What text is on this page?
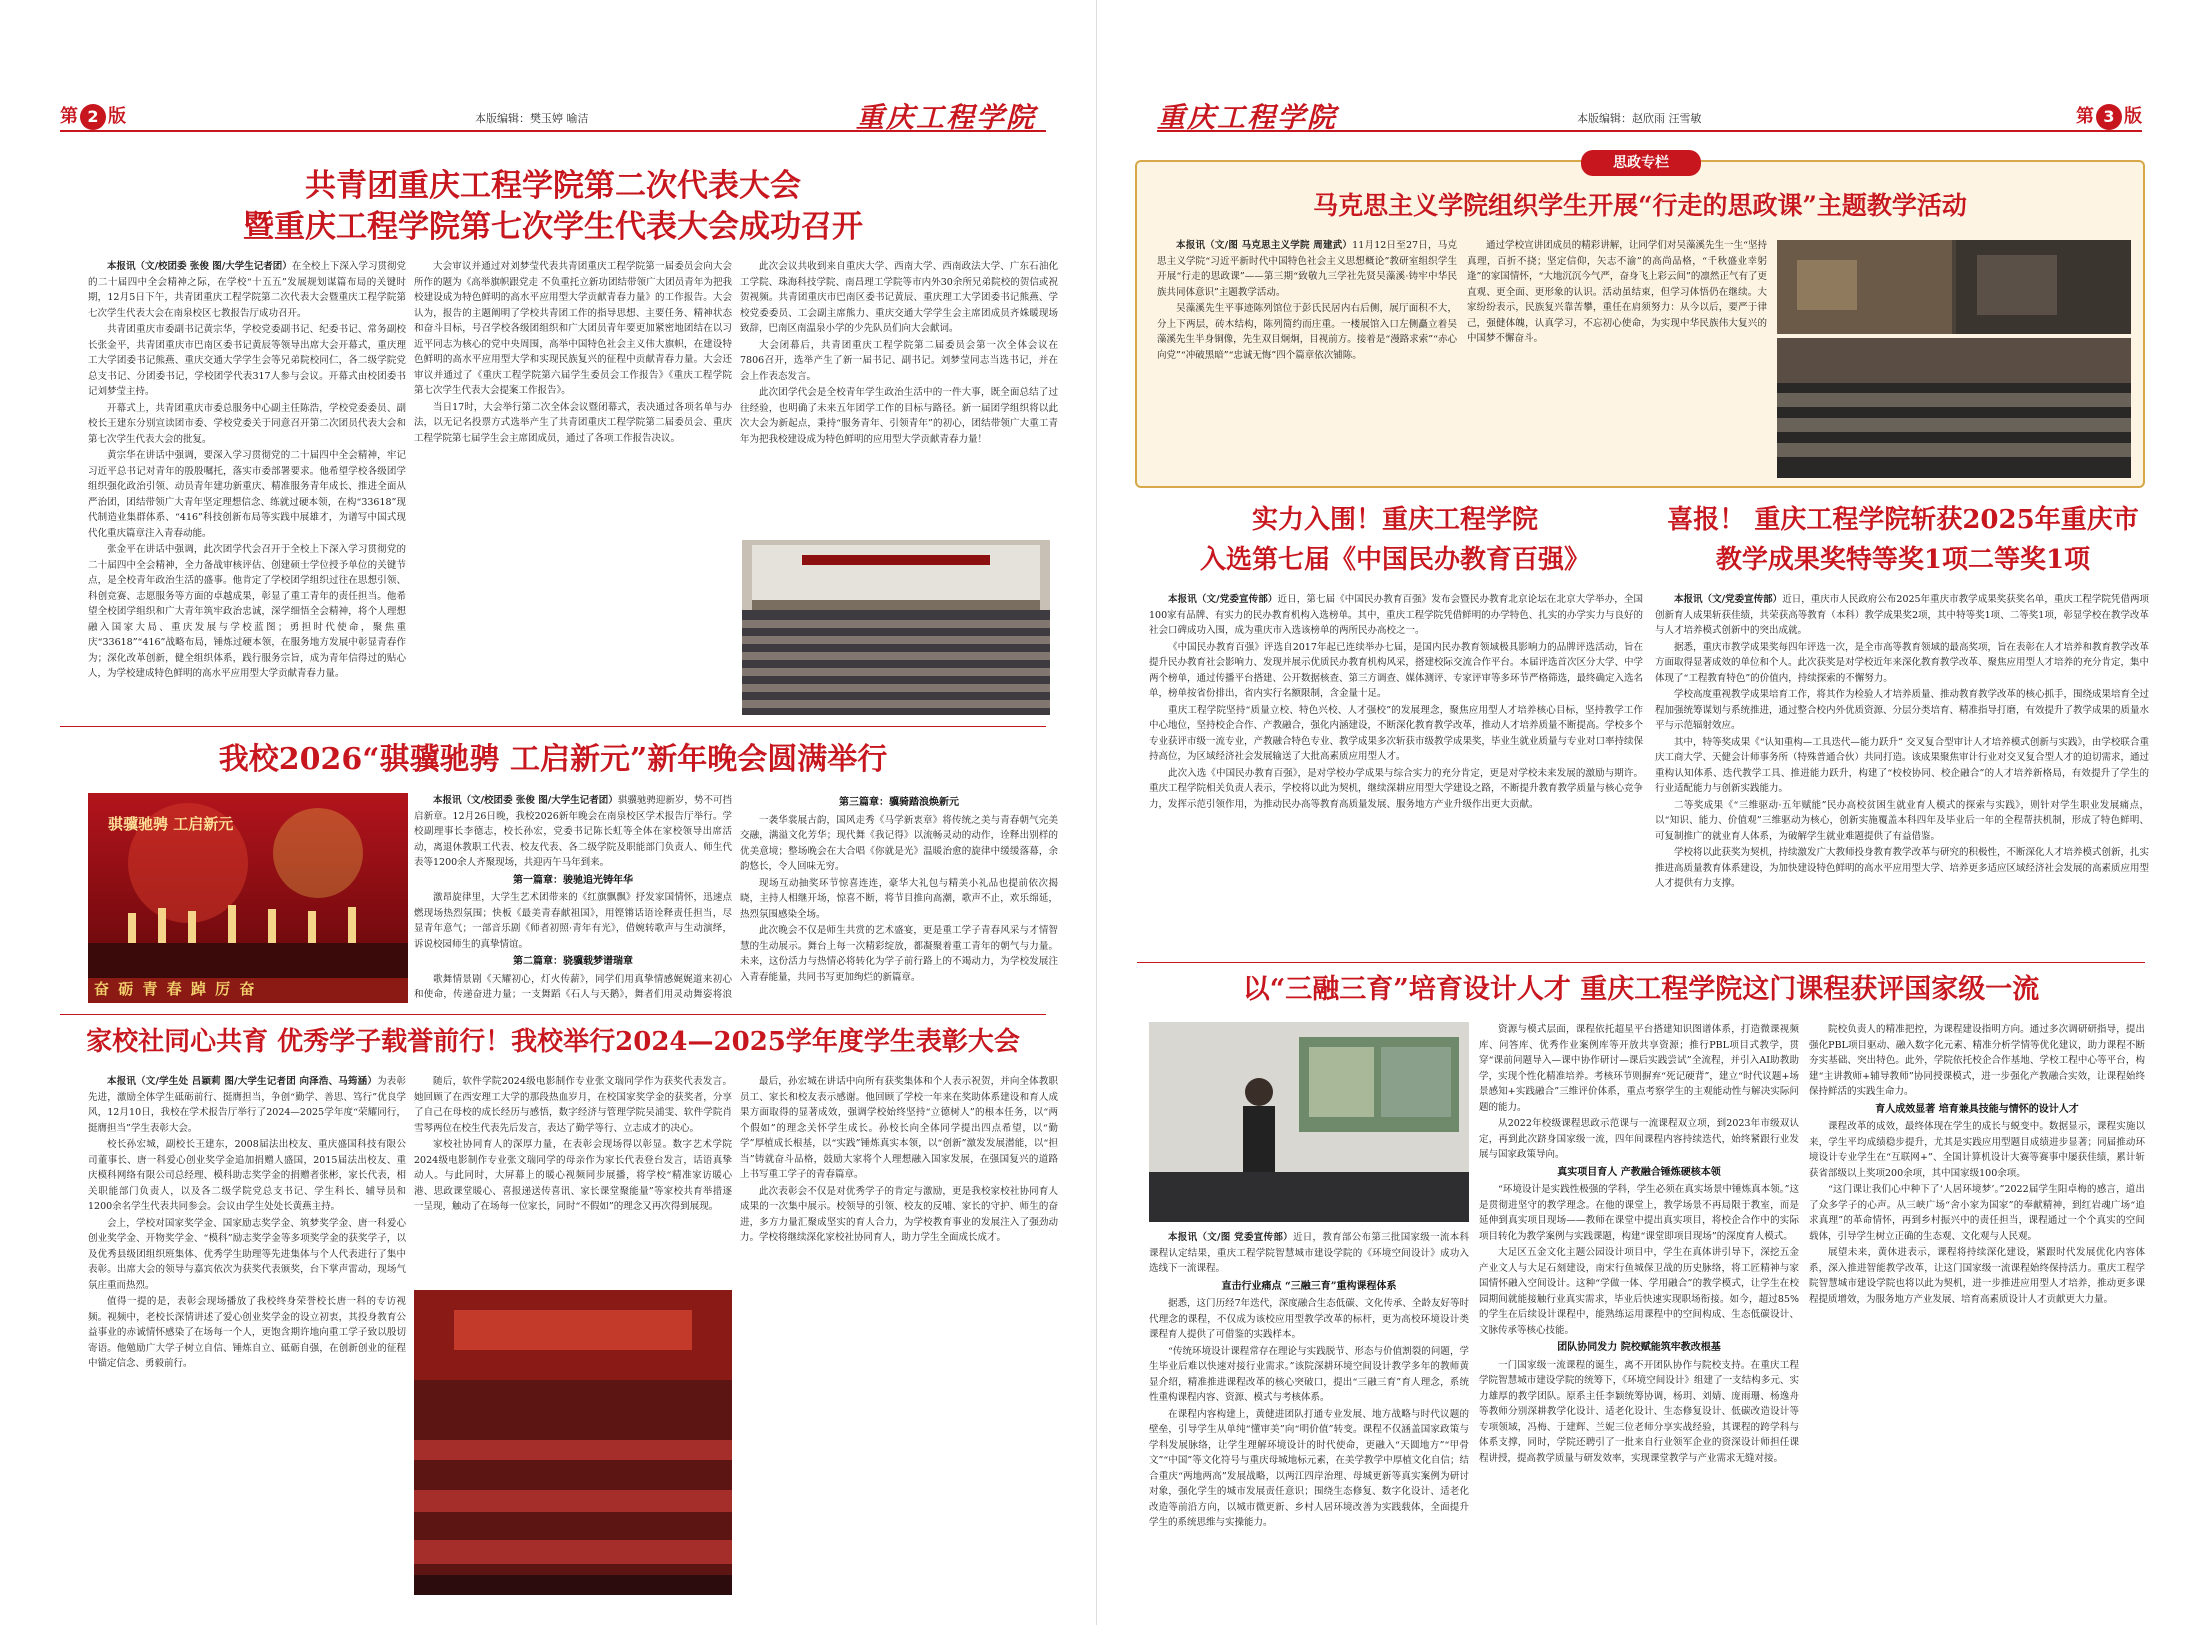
第 2 版	本版编辑：樊玉婷 喻洁	重庆工程学院
共青团重庆工程学院第二次代表大会
暨重庆工程学院第七次学生代表大会成功召开

本报讯（文/校团委 张俊 图/大学生记者团）在全校上下深入学习贯彻党的二十届四中全会精神之际，在学校“十五五”发展规划谋篇布局的关键时期，12月5日下午，共青团重庆工程学院第二次代表大会暨重庆工程学院第七次学生代表大会在南泉校区七教报告厅成功召开。

共青团重庆市委副书记黄宗华，学校党委副书记、纪委书记、常务副校长张金平，共青团重庆市巴南区委书记黄辰等领导出席大会开幕式，重庆理工大学团委书记熊燕、重庆交通大学学生会等兄弟院校同仁，各二级学院党总支书记、分团委书记，学校团学代表317人参与会议。开幕式由校团委书记刘梦莹主持。

开幕式上，共青团重庆市委总服务中心副主任陈浩，学校党委委员、副校长王建东分别宣读团市委、学校党委关于同意召开第二次团员代表大会和第七次学生代表大会的批复。

黄宗华在讲话中强调，要深入学习贯彻党的二十届四中全会精神，牢记习近平总书记对青年的殷殷嘱托，落实市委部署要求。他希望学校各级团学组织强化政治引领、动员青年建功新重庆、精准服务青年成长、推进全面从严治团，团结带领广大青年坚定理想信念、练就过硬本领，在构“33618”现代制造业集群体系、“416”科技创新布局等实践中展雄才，为谱写中国式现代化重庆篇章注入青春动能。

张金平在讲话中强调，此次团学代会召开于全校上下深入学习贯彻党的二十届四中全会精神，全力备战审核评估、创建硕士学位授予单位的关键节点，是全校青年政治生活的盛事。他肯定了学校团学组织过往在思想引领、科创竞赛、志愿服务等方面的卓越成果，彰显了重工青年的责任担当。他希望全校团学组织和广大青年筑牢政治忠诚，深学细悟全会精神，将个人理想融入国家大局、重庆发展与学校蓝图；勇担时代使命，聚焦重庆“33618”“416”战略布局，锤炼过硬本领，在服务地方发展中彰显青春作为；深化改革创新，健全组织体系，践行服务宗旨，成为青年信得过的贴心人，为学校建成特色鲜明的高水平应用型大学贡献青春力量。

大会审议并通过对刘梦莹代表共青团重庆工程学院第一届委员会向大会所作的题为《高举旗帜跟党走 不负重托立新功团结带领广大团员青年为把我校建设成为特色鲜明的高水平应用型大学贡献青春力量》的工作报告。大会认为，报告的主题阐明了学校共青团工作的指导思想、主要任务、精神状态和奋斗目标，号召学校各级团组织和广大团员青年要更加紧密地团结在以习近平同志为核心的党中央周围，高举中国特色社会主义伟大旗帜，在建设特色鲜明的高水平应用型大学和实现民族复兴的征程中贡献青春力量。大会还审议并通过了《重庆工程学院第六届学生委员会工作报告》《重庆工程学院第七次学生代表大会提案工作报告》。

当日17时，大会举行第二次全体会议暨闭幕式，表决通过各项名单与办法，以无记名投票方式选举产生了共青团重庆工程学院第二届委员会、重庆工程学院第七届学生会主席团成员，通过了各项工作报告决议。

此次会议共收到来自重庆大学、西南大学、西南政法大学、广东石油化工学院、珠海科技学院、南昌理工学院等市内外30余所兄弟院校的贺信或祝贺视频。共青团重庆市巴南区委书记黄辰、重庆理工大学团委书记熊燕、学校党委委员、工会副主席熊力、重庆交通大学学生会主席团成员齐姝暖现场致辞，巴南区南温泉小学的少先队员们向大会献词。

大会闭幕后，共青团重庆工程学院第二届委员会第一次全体会议在7806召开，选举产生了新一届书记、副书记。刘梦莹同志当选书记，并在会上作表态发言。

此次团学代会是全校青年学生政治生活中的一件大事，既全面总结了过往经验，也明确了未来五年团学工作的目标与路径。新一届团学组织将以此次大会为新起点，秉持“服务青年、引领青年”的初心，团结带领广大重工青年为把我校建设成为特色鲜明的应用型大学贡献青春力量！

我校2026“骐骥驰骋 工启新元”新年晚会圆满举行
骐骥驰骋 工启新元
奋 砺 青 春 踔 厉 奋

本报讯（文/校团委 张俊 图/大学生记者团）骐骥驰骋迎新岁，势不可挡启新章。12月26日晚，我校2026新年晚会在南泉校区学术报告厅举行。学校副理事长李德志，校长孙宏，党委书记陈长虹等全体在家校领导出席活动，离退休教职工代表、校友代表、各二级学院及职能部门负责人、师生代表等1200余人齐聚现场，共迎丙午马年到来。

第一篇章：骏驰追光铸年华

激昂旋律里，大学生艺术团带来的《红旗飘飘》抒发家国情怀，迅速点燃现场热烈氛围；快板《最美青春献祖国》，用铿锵话语诠释责任担当，尽显青年意气；一部音乐剧《师者初照·青年有光》，借婉转歌声与生动演绎，诉说校园师生的真挚情谊。

第二篇章：骁骥载梦谱瑞章

歌舞情景剧《天耀初心，灯火传薪》，同学们用真挚情感娓娓道来初心和使命，传递奋进力量；一支舞蹈《石人与天鹅》，舞者们用灵动舞姿将浪

第三篇章：骥骑踏浪焕新元

一袭华裳展古韵，国风走秀《马学新衷章》将传统之美与青春朝气完美交融，满溢文化芳华；现代舞《我记得》以流畅灵动的动作，诠释出别样的优美意境；整场晚会在大合唱《你就是光》温暖治愈的旋律中缓缓落幕，余韵悠长，令人回味无穷。

现场互动抽奖环节惊喜连连，豪华大礼包与精美小礼品也提前依次揭晓，主持人相继开场，惊喜不断，将节目推向高潮，歌声不止，欢乐绵延，热烈氛围感染全场。

此次晚会不仅是师生共赏的艺术盛宴，更是重工学子青春风采与才情智慧的生动展示。舞台上每一次精彩绽放，都凝聚着重工青年的朝气与力量。未来，这份活力与热情必将转化为学子前行路上的不竭动力，为学校发展注入青春能量，共同书写更加绚烂的新篇章。

家校社同心共育 优秀学子载誉前行！我校举行2024—2025学年度学生表彰大会

本报讯（文/学生处 吕颖莉 图/大学生记者团 向泽浩、马筠涵）为表彰先进，激励全体学生砥砺前行、挺膺担当，争创“勤学、善思、笃行”优良学风，12月10日，我校在学术报告厅举行了2024—2025学年度“荣耀同行，挺膺担当”学生表彰大会。

校长孙宏城，副校长王建东，2008届法出校友、重庆盛国科技有限公司董事长、唐一科爱心创业奖学金追加捐赠人盛国，2015届法出校友、重庆模科网络有限公司总经理、模科助志奖学金的捐赠者张彬，家长代表，相关职能部门负责人，以及各二级学院党总支书记、学生科长、辅导员和1200余名学生代表共同参会。会议由学生处处长黄燕主持。

会上，学校对国家奖学金、国家励志奖学金、筑梦奖学金、唐一科爱心创业奖学金、开物奖学金、“模科”励志奖学金等多项奖学金的获奖学子，以及优秀县级团组织班集体、优秀学生助理等先进集体与个人代表进行了集中表彰。出席大会的领导与嘉宾依次为获奖代表颁奖，台下掌声雷动，现场气氛庄重而热烈。

值得一提的是，表彰会现场播放了我校终身荣誉校长唐一科的专访视频。视频中，老校长深情讲述了爱心创业奖学金的设立初衷，其投身教育公益事业的赤诚情怀感染了在场每一个人，更饱含期许地向重工学子致以殷切寄语。他勉励广大学子树立自信、锤炼自立、砥砺自强，在创新创业的征程中锚定信念、勇毅前行。

随后，软件学院2024级电影制作专业张文瑞同学作为获奖代表发言。她回顾了在西安理工大学的那段热血岁月，在校国家奖学金的获奖者，分享了自己在母校的成长经历与感悟，数字经济与管理学院吴浦雯、软件学院肖雪琴两位在校生代表先后发言，表达了勤学等行、立志成才的决心。

家校社协同育人的深厚力量，在表彰会现场得以彰显。数字艺术学院2024级电影制作专业张文瑞同学的母亲作为家长代表登台发言，话语真挚动人。与此同时，大屏幕上的暖心视频同步展播，将学校“精准家访暖心港、思政课堂暖心、喜报递送传喜讯、家长课堂聚能量”等家校共育举措逐一呈现，触动了在场每一位家长，同时“不假如”的理念又再次得到展现。

最后，孙宏城在讲话中向所有获奖集体和个人表示祝贺，并向全体教职员工、家长和校友表示感谢。他回顾了学校一年来在奖助体系建设和育人成果方面取得的显著成效，强调学校始终坚持“立德树人”的根本任务，以“两个假如”的理念关怀学生成长。孙校长向全体同学提出四点希望，以“勤学”厚植成长根基，以“实践”锤炼真实本领，以“创新”激发发展潜能，以“担当”铸就奋斗品格，鼓励大家将个人理想融入国家发展，在强国复兴的道路上书写重工学子的青春篇章。

此次表彰会不仅是对优秀学子的肯定与激励，更是我校家校社协同育人成果的一次集中展示。校领导的引领、校友的反哺、家长的守护、师生的奋进，多方力量汇聚成坚实的育人合力，为学校教育事业的发展注入了强劲动力。学校将继续深化家校社协同育人，助力学生全面成长成才。

重庆工程学院	本版编辑：赵欣雨 汪雪敏	第 3 版
思政专栏
马克思主义学院组织学生开展“行走的思政课”主题教学活动

本报讯（文/图 马克思主义学院 周建武）11月12日至27日，马克思主义学院“习近平新时代中国特色社会主义思想概论”教研室组织学生开展“行走的思政课”——第三期“致敬九三学社先贤吴藻溪·铸牢中华民族共同体意识”主题教学活动。

吴藻溪先生平事迹陈列馆位于彭氏民居内右后侧，展厅面积不大，分上下两层，砖木结构，陈列简约而庄重。一楼展馆入口左侧矗立着吴藻溪先生半身铜像，先生双目炯炯，目视前方。接着是“漫路求索”“赤心向党”“冲破黑暗”“忠诚无悔”四个篇章依次铺陈。

通过学校宣讲团成员的精彩讲解，让同学们对吴藻溪先生一生“坚持真理，百折不挠；坚定信仰，矢志不渝”的高尚品格，“千秋盛业幸躬逢”的家国情怀，“大地沉沉今气严，奋身飞上彩云间”的凛然正气有了更直观、更全面、更形象的认识。活动虽结束，但学习体悟仍在继续。大家纷纷表示，民族复兴靠苦攀，重任在肩须努力：从今以后，要严于律己，强健体魄，认真学习，不忘初心使命，为实现中华民族伟大复兴的中国梦不懈奋斗。

实力入围！重庆工程学院
入选第七届《中国民办教育百强》

本报讯（文/党委宣传部）近日，第七届《中国民办教育百强》发布会暨民办教育北京论坛在北京大学举办，全国100家有品牌、有实力的民办教育机构入选榜单。其中，重庆工程学院凭借鲜明的办学特色、扎实的办学实力与良好的社会口碑成功入围，成为重庆市入选该榜单的两所民办高校之一。

《中国民办教育百强》评选自2017年起已连续举办七届，是国内民办教育领域极具影响力的品牌评选活动，旨在提升民办教育社会影响力、发现并展示优质民办教育机构风采，搭建校际交流合作平台。本届评选首次区分大学、中学两个榜单，通过传播平台搭建、公开数据核查、第三方调查、媒体测评、专家评审等多环节严格筛选，最终确定入选名单，榜单按省份排出，省内实行名额限制，含金量十足。

重庆工程学院坚持“质量立校、特色兴校、人才强校”的发展理念，聚焦应用型人才培养核心目标，坚持教学工作中心地位，坚持校企合作、产教融合，强化内涵建设，不断深化教育教学改革，推动人才培养质量不断提高。学校多个专业获评市级一流专业，产教融合特色专业、教学成果多次斩获市级教学成果奖，毕业生就业质量与专业对口率持续保持高位，为区域经济社会发展输送了大批高素质应用型人才。

此次入选《中国民办教育百强》，是对学校办学成果与综合实力的充分肯定，更是对学校未来发展的激励与期许。重庆工程学院相关负责人表示，学校将以此为契机，继续深耕应用型大学建设之路，不断提升教育教学质量与核心竞争力，发挥示范引领作用，为推动民办高等教育高质量发展、服务地方产业升级作出更大贡献。

喜报！ 重庆工程学院斩获2025年重庆市
教学成果奖特等奖1项二等奖1项

本报讯（文/党委宣传部）近日，重庆市人民政府公布2025年重庆市教学成果奖获奖名单，重庆工程学院凭借两项创新育人成果斩获佳绩，共荣获高等教育（本科）教学成果奖2项，其中特等奖1项、二等奖1项，彰显学校在教学改革与人才培养模式创新中的突出成就。

据悉，重庆市教学成果奖每四年评选一次，是全市高等教育领域的最高奖项，旨在表彰在人才培养和教育教学改革方面取得显著成效的单位和个人。此次获奖是对学校近年来深化教育教学改革、聚焦应用型人才培养的充分肯定，集中体现了“工程教育特色”的价值内，持续探索的不懈努力。

学校高度重视教学成果培育工作，将其作为检验人才培养质量、推动教育教学改革的核心抓手，围绕成果培育全过程加强统筹谋划与系统推进，通过整合校内外优质资源、分层分类培育、精准指导打磨，有效提升了教学成果的质量水平与示范辐射效应。

其中，特等奖成果《“认知重构—工具迭代—能力跃升” 交叉复合型审计人才培养模式创新与实践》，由学校联合重庆工商大学、天健会计师事务所（特殊普通合伙）共同打造。该成果聚焦审计行业对交叉复合型人才的迫切需求，通过重构认知体系、迭代教学工具、推进能力跃升，构建了“校校协同、校企融合”的人才培养新格局，有效提升了学生的行业适配能力与创新实践能力。

二等奖成果《“三维驱动·五年赋能”民办高校贫困生就业育人模式的探索与实践》，则针对学生职业发展痛点，以“知识、能力、价值观”三维驱动为核心，创新实施覆盖本科四年及毕业后一年的全程帮扶机制，形成了特色鲜明、可复制推广的就业育人体系，为破解学生就业难题提供了有益借鉴。

学校将以此获奖为契机，持续激发广大教师投身教育教学改革与研究的积极性，不断深化人才培养模式创新，扎实推进高质量教育体系建设，为加快建设特色鲜明的高水平应用型大学、培养更多适应区域经济社会发展的高素质应用型人才提供有力支撑。

以“三融三育”培育设计人才 重庆工程学院这门课程获评国家级一流

本报讯（文/图 党委宣传部）近日，教育部公布第三批国家级一流本科课程认定结果，重庆工程学院智慧城市建设学院的《环境空间设计》成功入选线下一流课程。

直击行业痛点 “三融三育”重构课程体系

据悉，这门历经7年迭代，深度融合生态低碳、文化传承、全龄友好等时代理念的课程，不仅成为该校应用型教学改革的标杆，更为高校环境设计类课程育人提供了可借鉴的实践样本。

“传统环境设计课程常存在理论与实践脱节、形态与价值割裂的问题，学生毕业后难以快速对接行业需求。”该院深耕环境空间设计教学多年的教师黄显介绍，精准推进课程改革的核心突破口，提出“三融三育”育人理念，系统性重构课程内容、资源、模式与考核体系。

在课程内容构建上，黄健进团队打通专业发展、地方战略与时代议题的壁垒，引导学生从单纯“懂审美”向“明价值”转变。课程不仅涵盖国家政策与学科发展脉络，让学生理解环境设计的时代使命，更融入“天圆地方”“甲骨文”“中国”等文化符号与重庆母城地标元素，在美学教学中厚植文化自信；结合重庆“两地两高”发展战略，以两江四岸治理、母城更新等真实案例为研讨对象，强化学生的城市发展责任意识；围绕生态修复、数字化设计、适老化改造等前沿方向，以城市微更新、乡村人居环境改善为实践载体，全面提升学生的系统思维与实操能力。

资源与模式层面，课程依托超星平台搭建知识图谱体系，打造微课视频库、问答库、优秀作业案例库等开放共享资源；推行PBL项目式教学，贯穿“课前问题导入—课中协作研讨—课后实践尝试”全流程，并引入AI助教助学，实现个性化精准培养。考核环节则摒弃“死记硬背”，建立“时代议题+场景感知+实践融合”三维评价体系，重点考察学生的主观能动性与解决实际问题的能力。

从2022年校级课程思政示范课与一流课程双立项，到2023年市级双认定，再到此次跻身国家级一流，四年间课程内容持续迭代，始终紧跟行业发展与国家政策导向。

真实项目育人 产教融合锤炼硬核本领

“环境设计是实践性极强的学科，学生必须在真实场景中锤炼真本领。”这是贯彻进坚守的教学理念。在他的课堂上，教学场景不再局限于教室，而是延伸到真实项目现场——教师在课堂中提出真实项目，将校企合作中的实际项目转化为教学案例与实践课题，构建“课堂即项目现场”的深度育人模式。

大足区五金文化主题公园设计项目中，学生在真体讲引导下，深挖五金产业文人与大足石刻建设，南宋行鱼城保卫战的历史脉络，将工匠精神与家国情怀融入空间设计。这种“学做一体、学用融合”的教学模式，让学生在校园期间就能接触行业真实需求，毕业后快速实现职场衔接。如今，超过85%的学生在后续设计课程中，能熟练运用课程中的空间构成、生态低碳设计、文脉传承等核心技能。

团队协同发力 院校赋能筑牢教改根基

一门国家级一流课程的诞生，离不开团队协作与院校支持。在重庆工程学院智慧城市建设学院的统筹下，《环境空间设计》组建了一支结构多元、实力雄厚的教学团队。原系主任李颖统筹协调，杨玥、刘婧、庞雨珊、杨逸舟等教师分别深耕教学化设计、适老化设计、生态修复设计、低碳改造设计等专项领域，冯梅、于建辉、兰妮三位老师分享实战经验，其课程的跨学科与体系支撑，同时，学院还聘引了一批来自行业领军企业的资深设计师担任课程讲授，提高教学质量与研发效率，实现课堂教学与产业需求无缝对接。

院校负责人的精准把控，为课程建设指明方向。通过多次调研研指导，提出强化PBL项目驱动、融入数字化元素、精准分析学情等优化建议，助力课程不断夯实基础、突出特色。此外，学院依托校企合作基地、学校工程中心等平台，构建“主讲教师+辅导教师”协同授课模式，进一步强化产教融合实效，让课程始终保持鲜活的实践生命力。

育人成效显著 培育兼具技能与情怀的设计人才

课程改革的成效，最终体现在学生的成长与蜕变中。数据显示，课程实施以来，学生平均成绩稳步提升，尤其是实践应用型题目成绩进步显著；同届推动环境设计专业学生在“互联网+”、全国计算机设计大赛等赛事中屡获佳绩，累计斩获省部级以上奖项200余项，其中国家级100余项。

“这门课让我们心中种下了‘人居环境梦’。”2022届学生阳卓梅的感言，道出了众多学子的心声。从三峡广场“舍小家为国家”的奉献精神，到红岩魂广场“追求真理”的革命情怀，再到乡村振兴中的责任担当，课程通过一个个真实的空间载体，引导学生树立正确的生态观、文化观与人民观。

展望未来，黄休进表示，课程将持续深化建设，紧跟时代发展优化内容体系，深入推进智能教学改革，让这门国家级一流课程始终保持活力。重庆工程学院智慧城市建设学院也将以此为契机，进一步推进应用型人才培养，推动更多课程提质增效，为服务地方产业发展、培育高素质设计人才贡献更大力量。
